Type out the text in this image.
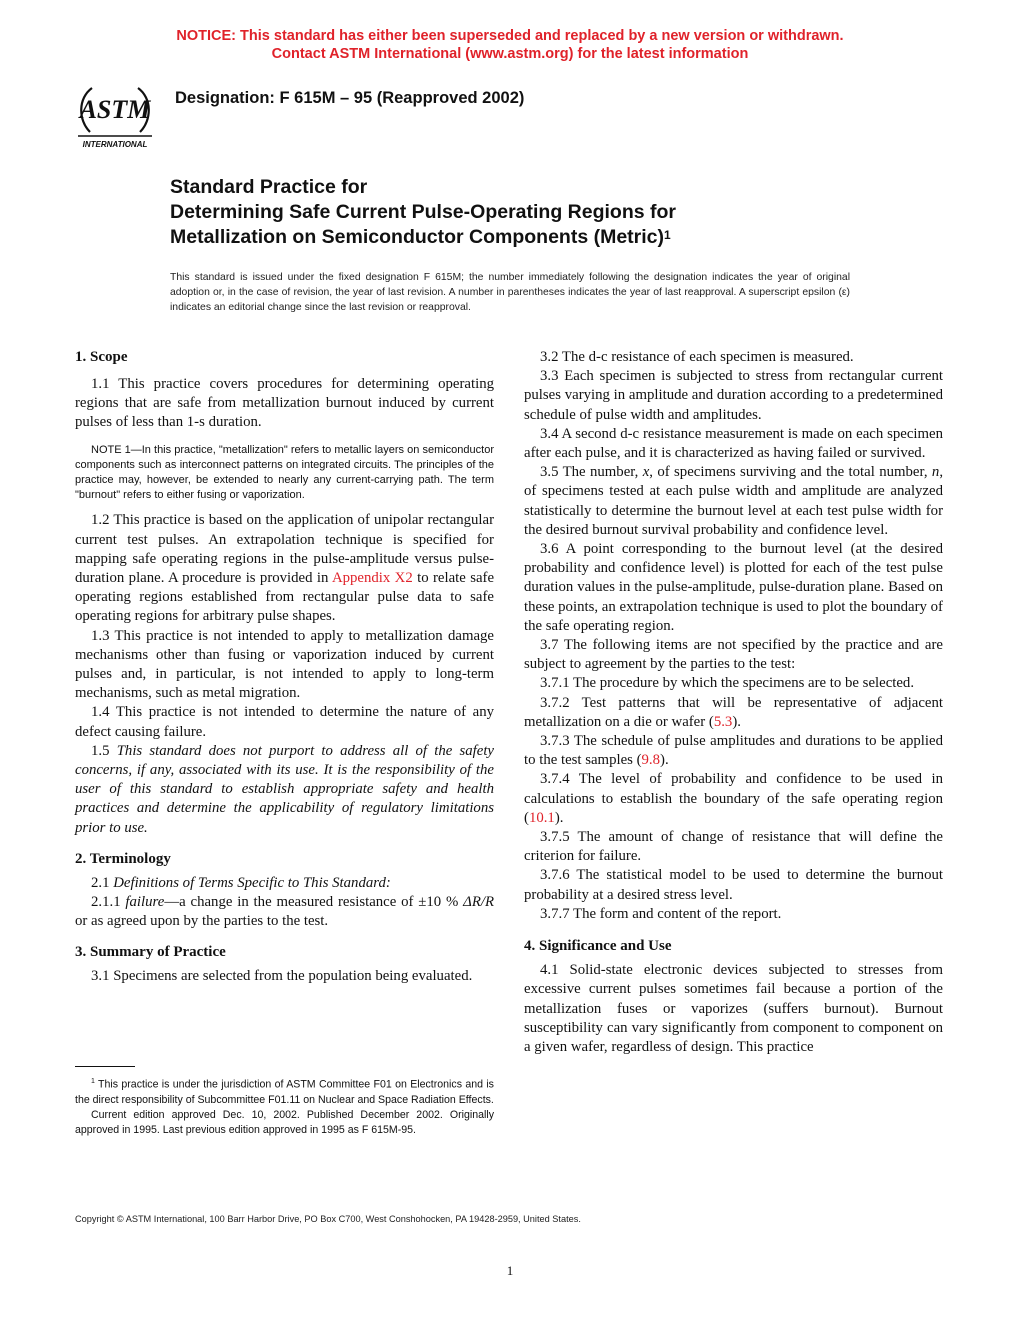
NOTICE: This standard has either been superseded and replaced by a new version or withdrawn.
Contact ASTM International (www.astm.org) for the latest information
ASTM
INTERNATIONAL
Designation: F 615M – 95 (Reapproved 2002)
Standard Practice for
Determining Safe Current Pulse-Operating Regions for
Metallization on Semiconductor Components (Metric)$^1$
This standard is issued under the fixed designation F 615M; the number immediately following the designation indicates the year of original adoption or, in the case of revision, the year of last revision. A number in parentheses indicates the year of last reapproval. A superscript epsilon (ε) indicates an editorial change since the last revision or reapproval.
1. Scope

1.1 This practice covers procedures for determining operating regions that are safe from metallization burnout induced by current pulses of less than 1-s duration.

NOTE 1—In this practice, "metallization" refers to metallic layers on semiconductor components such as interconnect patterns on integrated circuits. The principles of the practice may, however, be extended to nearly any current-carrying path. The term "burnout" refers to either fusing or vaporization.

1.2 This practice is based on the application of unipolar rectangular current test pulses. An extrapolation technique is specified for mapping safe operating regions in the pulse-amplitude versus pulse-duration plane. A procedure is provided in Appendix X2 to relate safe operating regions established from rectangular pulse data to safe operating regions for arbitrary pulse shapes.

1.3 This practice is not intended to apply to metallization damage mechanisms other than fusing or vaporization induced by current pulses and, in particular, is not intended to apply to long-term mechanisms, such as metal migration.

1.4 This practice is not intended to determine the nature of any defect causing failure.

1.5 This standard does not purport to address all of the safety concerns, if any, associated with its use. It is the responsibility of the user of this standard to establish appropriate safety and health practices and determine the applicability of regulatory limitations prior to use.

2. Terminology

2.1 Definitions of Terms Specific to This Standard:

2.1.1 failure—a change in the measured resistance of ±10 % ΔR/R or as agreed upon by the parties to the test.

3. Summary of Practice

3.1 Specimens are selected from the population being evaluated.

3.2 The d-c resistance of each specimen is measured.

3.3 Each specimen is subjected to stress from rectangular current pulses varying in amplitude and duration according to a predetermined schedule of pulse width and amplitudes.

3.4 A second d-c resistance measurement is made on each specimen after each pulse, and it is characterized as having failed or survived.

3.5 The number, x, of specimens surviving and the total number, n, of specimens tested at each pulse width and amplitude are analyzed statistically to determine the burnout level at each test pulse width for the desired burnout survival probability and confidence level.

3.6 A point corresponding to the burnout level (at the desired probability and confidence level) is plotted for each of the test pulse duration values in the pulse-amplitude, pulse-duration plane. Based on these points, an extrapolation technique is used to plot the boundary of the safe operating region.

3.7 The following items are not specified by the practice and are subject to agreement by the parties to the test:

3.7.1 The procedure by which the specimens are to be selected.

3.7.2 Test patterns that will be representative of adjacent metallization on a die or wafer (5.3).

3.7.3 The schedule of pulse amplitudes and durations to be applied to the test samples (9.8).

3.7.4 The level of probability and confidence to be used in calculations to establish the boundary of the safe operating region (10.1).

3.7.5 The amount of change of resistance that will define the criterion for failure.

3.7.6 The statistical model to be used to determine the burnout probability at a desired stress level.

3.7.7 The form and content of the report.

4. Significance and Use

4.1 Solid-state electronic devices subjected to stresses from excessive current pulses sometimes fail because a portion of the metallization fuses or vaporizes (suffers burnout). Burnout susceptibility can vary significantly from component to component on a given wafer, regardless of design. This practice

$^1$ This practice is under the jurisdiction of ASTM Committee F01 on Electronics and is the direct responsibility of Subcommittee F01.11 on Nuclear and Space Radiation Effects.

Current edition approved Dec. 10, 2002. Published December 2002. Originally approved in 1995. Last previous edition approved in 1995 as F 615M-95.

Copyright © ASTM International, 100 Barr Harbor Drive, PO Box C700, West Conshohocken, PA 19428-2959, United States.
1
